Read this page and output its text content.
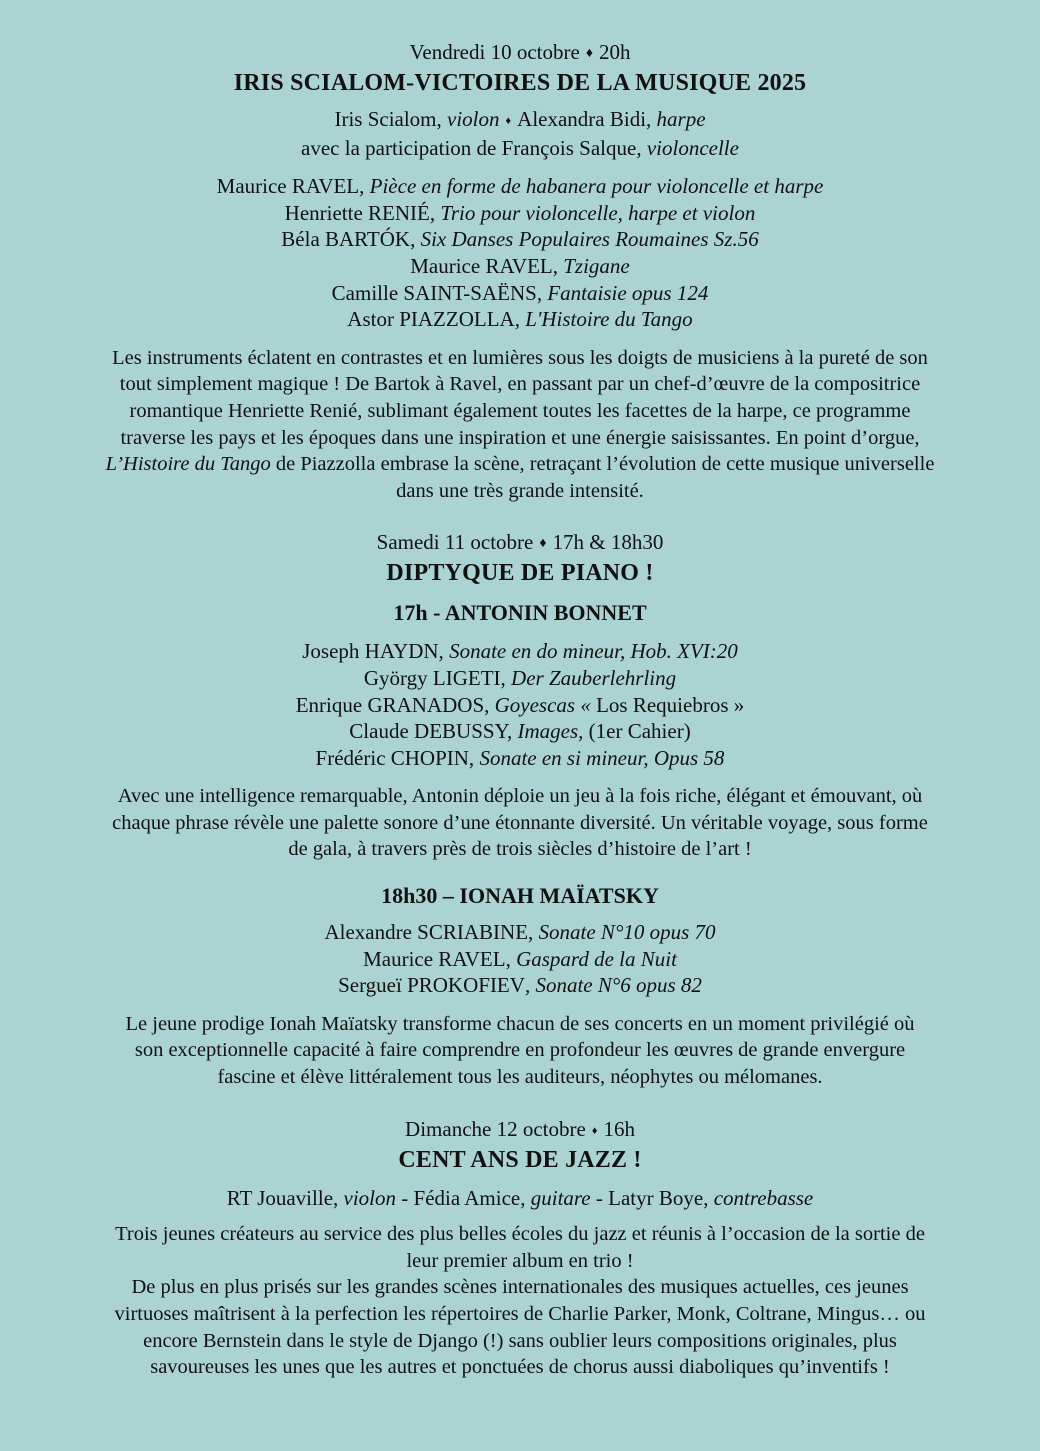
Vendredi 10 octobre ♦ 20h

IRIS SCIALOM-VICTOIRES DE LA MUSIQUE 2025

Iris Scialom, violon ♦ Alexandra Bidi, harpe

avec la participation de François Salque, violoncelle

Maurice RAVEL, Pièce en forme de habanera pour violoncelle et harpe

Henriette RENIÉ, Trio pour violoncelle, harpe et violon

Béla BARTÓK, Six Danses Populaires Roumaines Sz.56

Maurice RAVEL, Tzigane

Camille SAINT-SAËNS, Fantaisie opus 124

Astor PIAZZOLLA, L'Histoire du Tango

Les instruments éclatent en contrastes et en lumières sous les doigts de musiciens à la pureté de son

tout simplement magique ! De Bartok à Ravel, en passant par un chef-d’œuvre de la compositrice

romantique Henriette Renié, sublimant également toutes les facettes de la harpe, ce programme

traverse les pays et les époques dans une inspiration et une énergie saisissantes. En point d’orgue,

L’Histoire du Tango de Piazzolla embrase la scène, retraçant l’évolution de cette musique universelle

dans une très grande intensité.

Samedi 11 octobre ♦ 17h & 18h30

DIPTYQUE DE PIANO !
17h - ANTONIN BONNET

Joseph HAYDN, Sonate en do mineur, Hob. XVI:20

György LIGETI, Der Zauberlehrling

Enrique GRANADOS, Goyescas « Los Requiebros »

Claude DEBUSSY, Images, (1er Cahier)

Frédéric CHOPIN, Sonate en si mineur, Opus 58

Avec une intelligence remarquable, Antonin déploie un jeu à la fois riche, élégant et émouvant, où

chaque phrase révèle une palette sonore d’une étonnante diversité. Un véritable voyage, sous forme

de gala, à travers près de trois siècles d’histoire de l’art !

18h30 – IONAH MAÏATSKY

Alexandre SCRIABINE, Sonate N°10 opus 70

Maurice RAVEL, Gaspard de la Nuit

Sergueï PROKOFIEV, Sonate N°6 opus 82

Le jeune prodige Ionah Maïatsky transforme chacun de ses concerts en un moment privilégié où

son exceptionnelle capacité à faire comprendre en profondeur les œuvres de grande envergure

fascine et élève littéralement tous les auditeurs, néophytes ou mélomanes.

Dimanche 12 octobre ♦ 16h

CENT ANS DE JAZZ !

RT Jouaville, violon - Fédia Amice, guitare - Latyr Boye, contrebasse

Trois jeunes créateurs au service des plus belles écoles du jazz et réunis à l’occasion de la sortie de

leur premier album en trio !

De plus en plus prisés sur les grandes scènes internationales des musiques actuelles, ces jeunes

virtuoses maîtrisent à la perfection les répertoires de Charlie Parker, Monk, Coltrane, Mingus… ou

encore Bernstein dans le style de Django (!) sans oublier leurs compositions originales, plus

savoureuses les unes que les autres et ponctuées de chorus aussi diaboliques qu’inventifs !
